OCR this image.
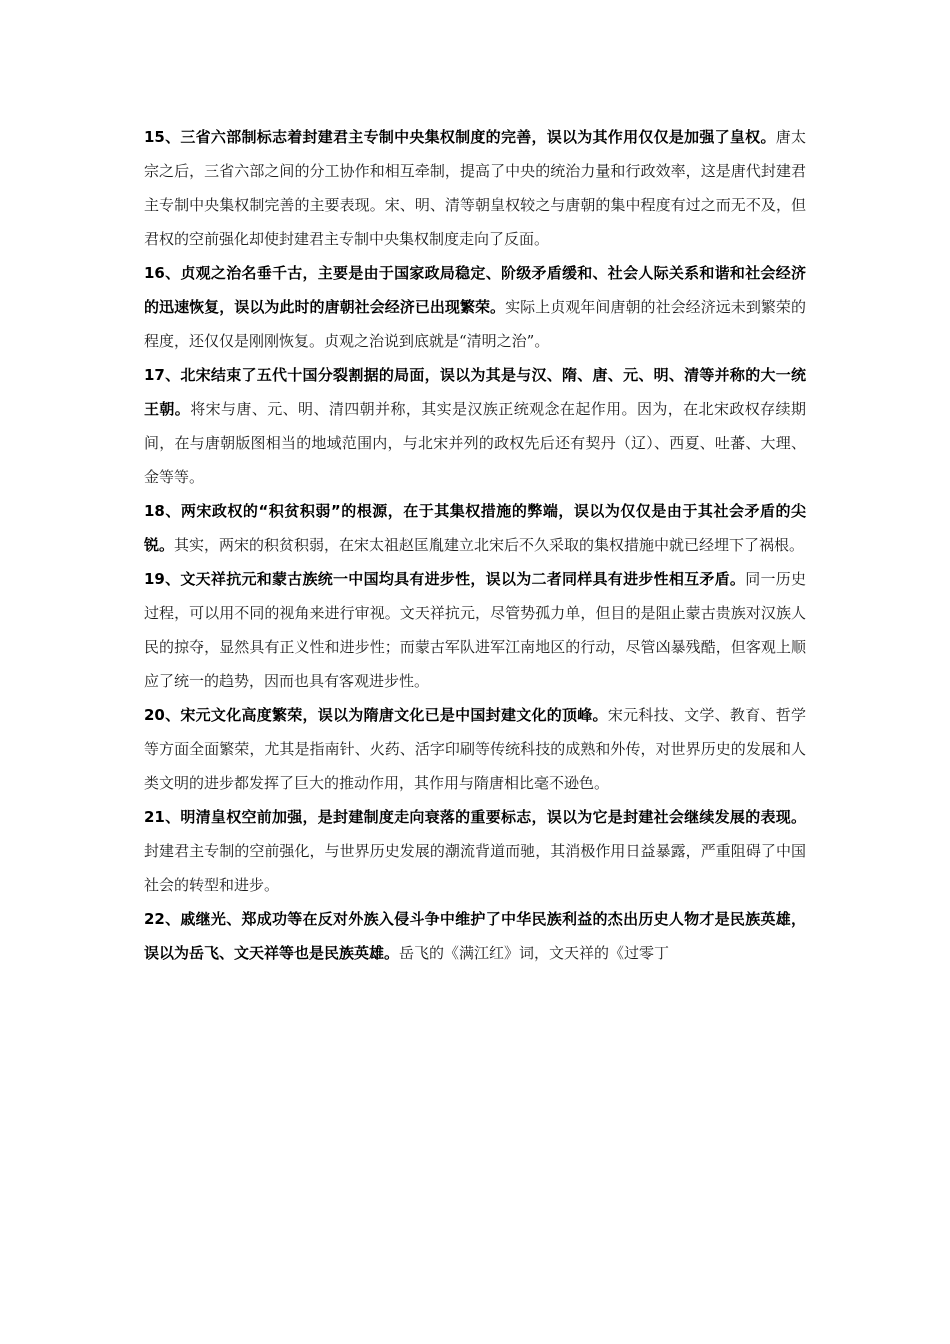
15、三省六部制标志着封建君主专制中央集权制度的完善，误以为其作用仅仅是加强了皇权。唐太宗之后，三省六部之间的分工协作和相互牵制，提高了中央的统治力量和行政效率，这是唐代封建君主专制中央集权制完善的主要表现。宋、明、清等朝皇权较之与唐朝的集中程度有过之而无不及，但君权的空前强化却使封建君主专制中央集权制度走向了反面。

16、贞观之治名垂千古，主要是由于国家政局稳定、阶级矛盾缓和、社会人际关系和谐和社会经济的迅速恢复，误以为此时的唐朝社会经济已出现繁荣。实际上贞观年间唐朝的社会经济远未到繁荣的程度，还仅仅是刚刚恢复。贞观之治说到底就是“清明之治”。

17、北宋结束了五代十国分裂割据的局面，误以为其是与汉、隋、唐、元、明、清等并称的大一统王朝。将宋与唐、元、明、清四朝并称，其实是汉族正统观念在起作用。因为，在北宋政权存续期间，在与唐朝版图相当的地域范围内，与北宋并列的政权先后还有契丹（辽）、西夏、吐蕃、大理、金等等。

18、两宋政权的“积贫积弱”的根源，在于其集权措施的弊端，误以为仅仅是由于其社会矛盾的尖锐。其实，两宋的积贫积弱，在宋太祖赵匡胤建立北宋后不久采取的集权措施中就已经埋下了祸根。

19、文天祥抗元和蒙古族统一中国均具有进步性，误以为二者同样具有进步性相互矛盾。同一历史过程，可以用不同的视角来进行审视。文天祥抗元，尽管势孤力单，但目的是阻止蒙古贵族对汉族人民的掠夺，显然具有正义性和进步性；而蒙古军队进军江南地区的行动，尽管凶暴残酷，但客观上顺应了统一的趋势，因而也具有客观进步性。

20、宋元文化高度繁荣，误以为隋唐文化已是中国封建文化的顶峰。宋元科技、文学、教育、哲学等方面全面繁荣，尤其是指南针、火药、活字印刷等传统科技的成熟和外传，对世界历史的发展和人类文明的进步都发挥了巨大的推动作用，其作用与隋唐相比毫不逊色。

21、明清皇权空前加强，是封建制度走向衰落的重要标志，误以为它是封建社会继续发展的表现。封建君主专制的空前强化，与世界历史发展的潮流背道而驰，其消极作用日益暴露，严重阻碍了中国社会的转型和进步。

22、戚继光、郑成功等在反对外族入侵斗争中维护了中华民族利益的杰出历史人物才是民族英雄，误以为岳飞、文天祥等也是民族英雄。岳飞的《满江红》词，文天祥的《过零丁
